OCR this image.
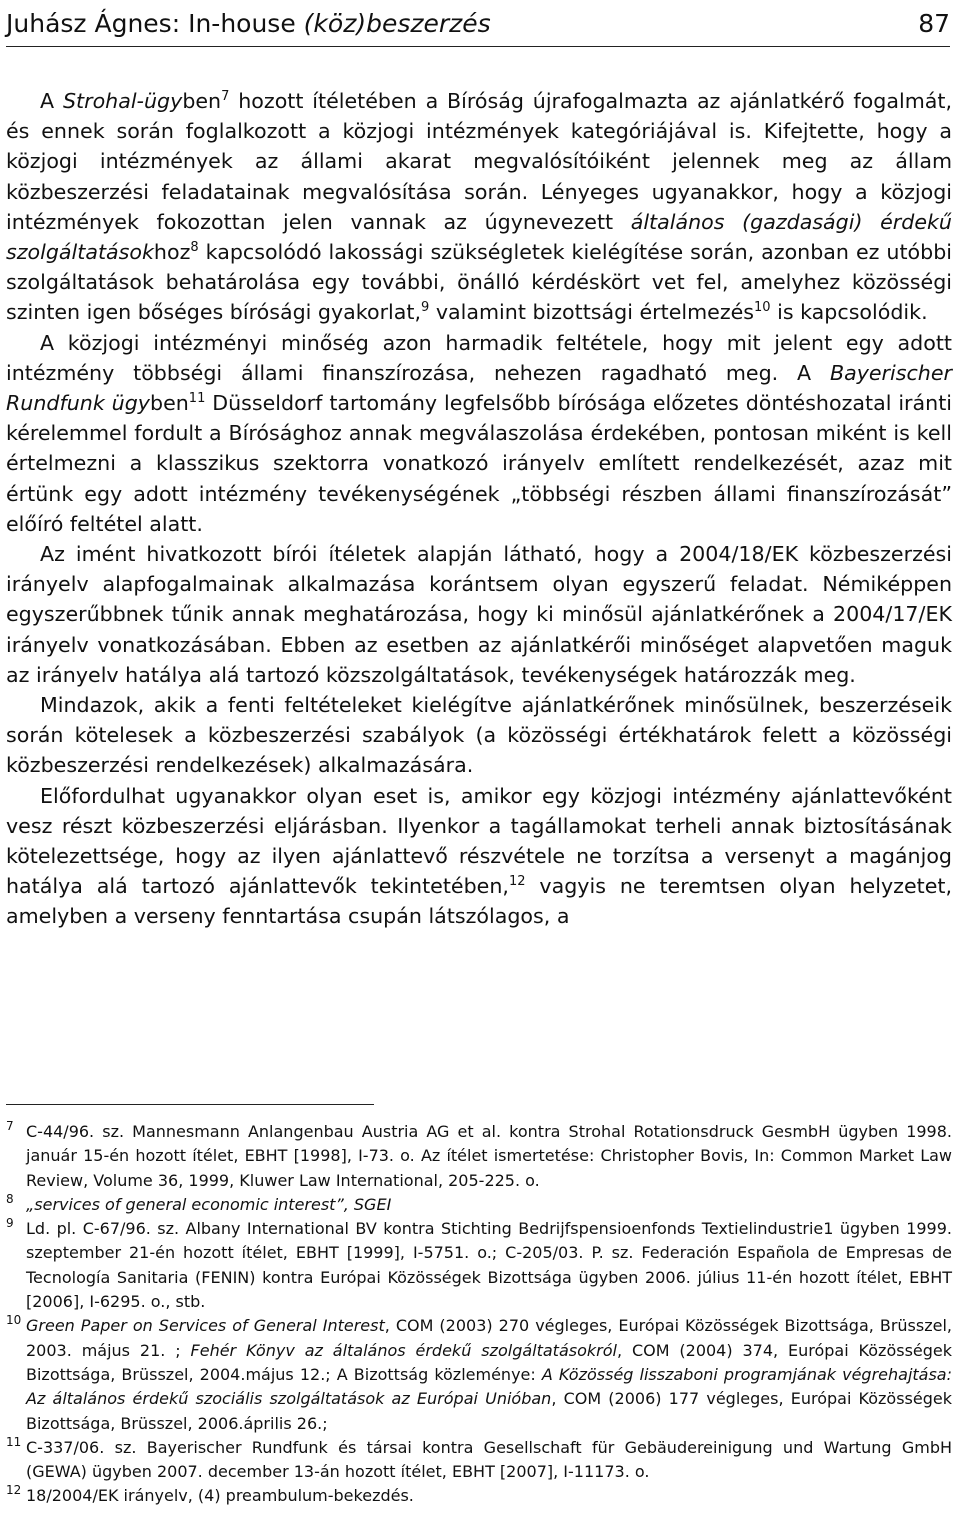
Juhász Ágnes: In-house (köz)beszerzés	87

A Strohal-ügyben$^7$ hozott ítéletében a Bíróság újrafogalmazta az ajánlatkérő fogalmát, és ennek során foglalkozott a közjogi intézmények kategóriájával is. Kifejtette, hogy a közjogi intézmények az állami akarat megvalósítóiként jelennek meg az állam közbeszerzési feladatainak megvalósítása során. Lényeges ugyanakkor, hogy a közjogi intézmények fokozottan jelen vannak az úgynevezett általános (gazdasági) érdekű szolgáltatásokhoz$^8$ kapcsolódó lakossági szükségletek kielégítése során, azonban ez utóbbi szolgáltatások behatárolása egy további, önálló kérdéskört vet fel, amelyhez közösségi szinten igen bőséges bírósági gyakorlat,$^9$ valamint bizottsági értelmezés$^{10}$ is kapcsolódik.

A közjogi intézményi minőség azon harmadik feltétele, hogy mit jelent egy adott intézmény többségi állami finanszírozása, nehezen ragadható meg. A Bayerischer Rundfunk ügyben$^{11}$ Düsseldorf tartomány legfelsőbb bírósága előzetes döntéshozatal iránti kérelemmel fordult a Bírósághoz annak megválaszolása érdekében, pontosan miként is kell értelmezni a klasszikus szektorra vonatkozó irányelv említett rendelkezését, azaz mit értünk egy adott intézmény tevékenységének „többségi részben állami finanszírozását” előíró feltétel alatt.

Az imént hivatkozott bírói ítéletek alapján látható, hogy a 2004/18/EK közbeszerzési irányelv alapfogalmainak alkalmazása korántsem olyan egyszerű feladat. Némiképpen egyszerűbbnek tűnik annak meghatározása, hogy ki minősül ajánlatkérőnek a 2004/17/EK irányelv vonatkozásában. Ebben az esetben az ajánlatkérői minőséget alapvetően maguk az irányelv hatálya alá tartozó közszolgáltatások, tevékenységek határozzák meg.

Mindazok, akik a fenti feltételeket kielégítve ajánlatkérőnek minősülnek, beszerzéseik során kötelesek a közbeszerzési szabályok (a közösségi értékhatárok felett a közösségi közbeszerzési rendelkezések) alkalmazására.

Előfordulhat ugyanakkor olyan eset is, amikor egy közjogi intézmény ajánlattevőként vesz részt közbeszerzési eljárásban. Ilyenkor a tagállamokat terheli annak biztosításának kötelezettsége, hogy az ilyen ajánlattevő részvétele ne torzítsa a versenyt a magánjog hatálya alá tartozó ajánlattevők tekintetében,$^{12}$ vagyis ne teremtsen olyan helyzetet, amelyben a verseny fenntartása csupán látszólagos, a

7 C-44/96. sz. Mannesmann Anlangenbau Austria AG et al. kontra Strohal Rotationsdruck GesmbH ügyben 1998. január 15-én hozott ítélet, EBHT [1998], I-73. o. Az ítélet ismertetése: Christopher Bovis, In: Common Market Law Review, Volume 36, 1999, Kluwer Law International, 205-225. o.
8 „services of general economic interest”, SGEI
9 Ld. pl. C-67/96. sz. Albany International BV kontra Stichting Bedrijfspensioenfonds Textielindustrie1 ügyben 1999. szeptember 21-én hozott ítélet, EBHT [1999], I-5751. o.; C-205/03. P. sz. Federación Española de Empresas de Tecnología Sanitaria (FENIN) kontra Európai Közösségek Bizottsága ügyben 2006. július 11-én hozott ítélet, EBHT [2006], I-6295. o., stb.
10 Green Paper on Services of General Interest, COM (2003) 270 végleges, Európai Közösségek Bizottsága, Brüsszel, 2003. május 21. ; Fehér Könyv az általános érdekű szolgáltatásokról, COM (2004) 374, Európai Közösségek Bizottsága, Brüsszel, 2004.május 12.; A Bizottság közleménye: A Közösség lisszaboni programjának végrehajtása: Az általános érdekű szociális szolgáltatások az Európai Unióban, COM (2006) 177 végleges, Európai Közösségek Bizottsága, Brüsszel, 2006.április 26.;
11 C-337/06. sz. Bayerischer Rundfunk és társai kontra Gesellschaft für Gebäudereinigung und Wartung GmbH (GEWA) ügyben 2007. december 13-án hozott ítélet, EBHT [2007], I-11173. o.
12 18/2004/EK irányelv, (4) preambulum-bekezdés.
